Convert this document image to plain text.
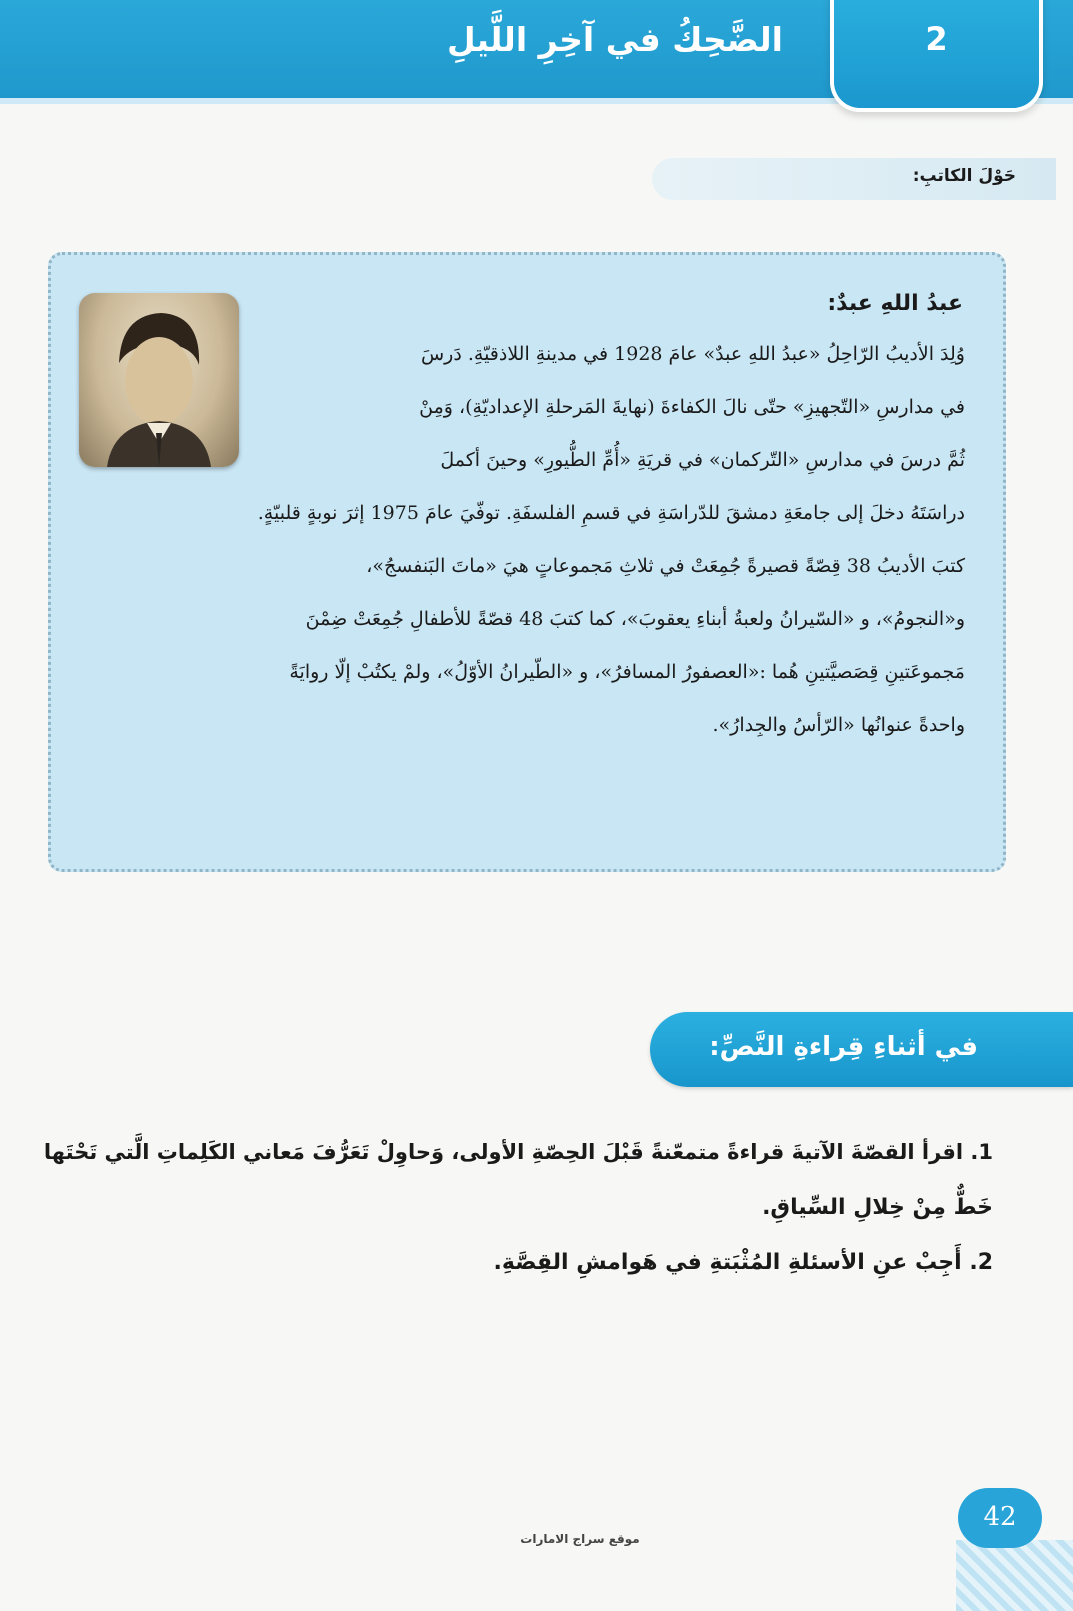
الضَّحِكُ في آخِرِ اللَّيلِ	2
حَوْلَ الكاتبِ:
عبدُ اللهِ عبدٌ:
وُلِدَ الأديبُ الرّاحِلُ «عبدُ اللهِ عبدٌ» عامَ 1928 في مدينةِ اللاذقيّةِ. دَرسَ
في مدارسِ «التّجهيزِ» حتّى نالَ الكفاءةَ (نهايةَ المَرحلةِ الإعداديّةِ)، وَمِنْ
ثُمَّ درسَ في مدارسِ «التّركمان» في قريَةِ «أُمِّ الطُّيورِ» وحينَ أكملَ
دراسَتَهُ دخلَ إلى جامعَةِ دمشقَ للدّراسَةِ في قسمِ الفلسفَةِ. توفّيَ عامَ 1975 إثرَ نوبةٍ قلبيّةٍ.
كتبَ الأديبُ 38 قِصّةً قصيرةً جُمِعَتْ في ثلاثِ مَجموعاتٍ هيَ «ماتَ البَنفسجُ»،
و«النجومُ»، و «السّيرانُ ولعبةُ أبناءِ يعقوبَ»، كما كتبَ 48 قصّةً للأطفالِ جُمِعَتْ ضِمْنَ
مَجموعَتينِ قِصَصيَّتينِ هُما :«العصفورُ المسافرُ»، و «الطّيرانُ الأوّلُ»، ولمْ يكتُبْ إلّا روايَةً
واحدةً عنوانُها «الرّأسُ والجِدارُ».
في أثناءِ قِراءةِ النَّصِّ:
1. اقرأ القصّةَ الآتيةَ قراءةً متمعّنةً قَبْلَ الحِصّةِ الأولى، وَحاوِلْ تَعَرُّفَ مَعاني الكَلِماتِ الَّتي تَحْتَها
خَطٌّ مِنْ خِلالِ السِّياقِ.
2. أَجِبْ عنِ الأسئلةِ المُثْبَتةِ في هَوامشِ القِصَّةِ.
موقع سراج الامارات
42
